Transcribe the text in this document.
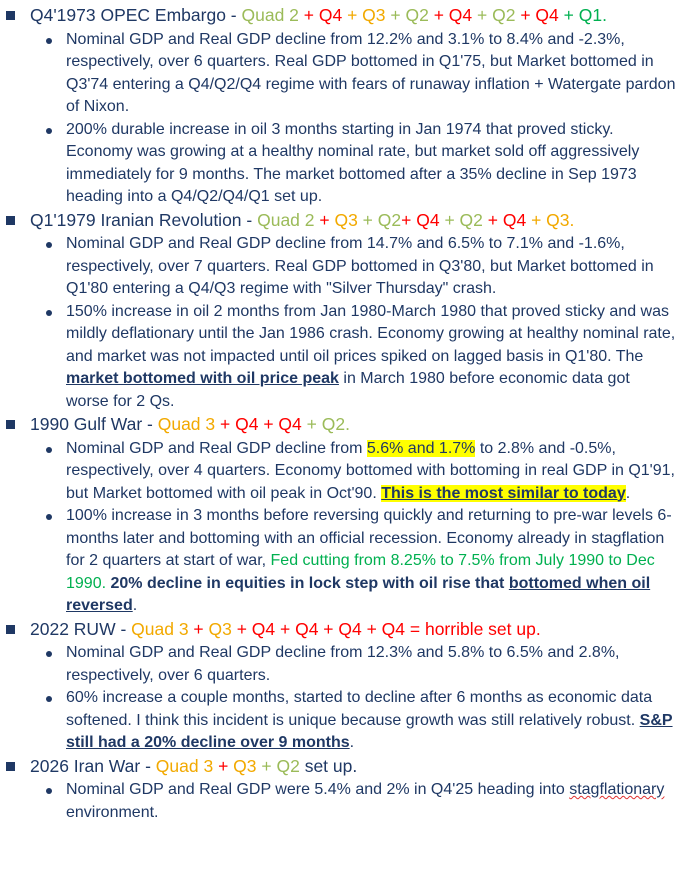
Q4'1973 OPEC Embargo - Quad 2 + Q4 + Q3 + Q2 + Q4 + Q2 + Q4 + Q1.
Nominal GDP and Real GDP decline from 12.2% and 3.1% to 8.4% and -2.3%, respectively, over 6 quarters. Real GDP bottomed in Q1'75, but Market bottomed in Q3'74 entering a Q4/Q2/Q4 regime with fears of runaway inflation + Watergate pardon of Nixon.
200% durable increase in oil 3 months starting in Jan 1974 that proved sticky. Economy was growing at a healthy nominal rate, but market sold off aggressively immediately for 9 months. The market bottomed after a 35% decline in Sep 1973 heading into a Q4/Q2/Q4/Q1 set up.
Q1'1979 Iranian Revolution - Quad 2 + Q3 + Q2+ Q4 + Q2 + Q4 + Q3.
Nominal GDP and Real GDP decline from 14.7% and 6.5% to 7.1% and -1.6%, respectively, over 7 quarters. Real GDP bottomed in Q3'80, but Market bottomed in Q1'80 entering a Q4/Q3 regime with "Silver Thursday" crash.
150% increase in oil 2 months from Jan 1980-March 1980 that proved sticky and was mildly deflationary until the Jan 1986 crash. Economy growing at healthy nominal rate, and market was not impacted until oil prices spiked on lagged basis in Q1'80. The market bottomed with oil price peak in March 1980 before economic data got worse for 2 Qs.
1990 Gulf War - Quad 3 + Q4 + Q4 + Q2.
Nominal GDP and Real GDP decline from 5.6% and 1.7% to 2.8% and -0.5%, respectively, over 4 quarters. Economy bottomed with bottoming in real GDP in Q1'91, but Market bottomed with oil peak in Oct'90. This is the most similar to today.
100% increase in 3 months before reversing quickly and returning to pre-war levels 6-months later and bottoming with an official recession. Economy already in stagflation for 2 quarters at start of war, Fed cutting from 8.25% to 7.5% from July 1990 to Dec 1990. 20% decline in equities in lock step with oil rise that bottomed when oil reversed.
2022 RUW - Quad 3 + Q3 + Q4 + Q4 + Q4 + Q4 = horrible set up.
Nominal GDP and Real GDP decline from 12.3% and 5.8% to 6.5% and 2.8%, respectively, over 6 quarters.
60% increase a couple months, started to decline after 6 months as economic data softened. I think this incident is unique because growth was still relatively robust. S&P still had a 20% decline over 9 months.
2026 Iran War - Quad 3 + Q3 + Q2 set up.
Nominal GDP and Real GDP were 5.4% and 2% in Q4'25 heading into stagflationary environment.
